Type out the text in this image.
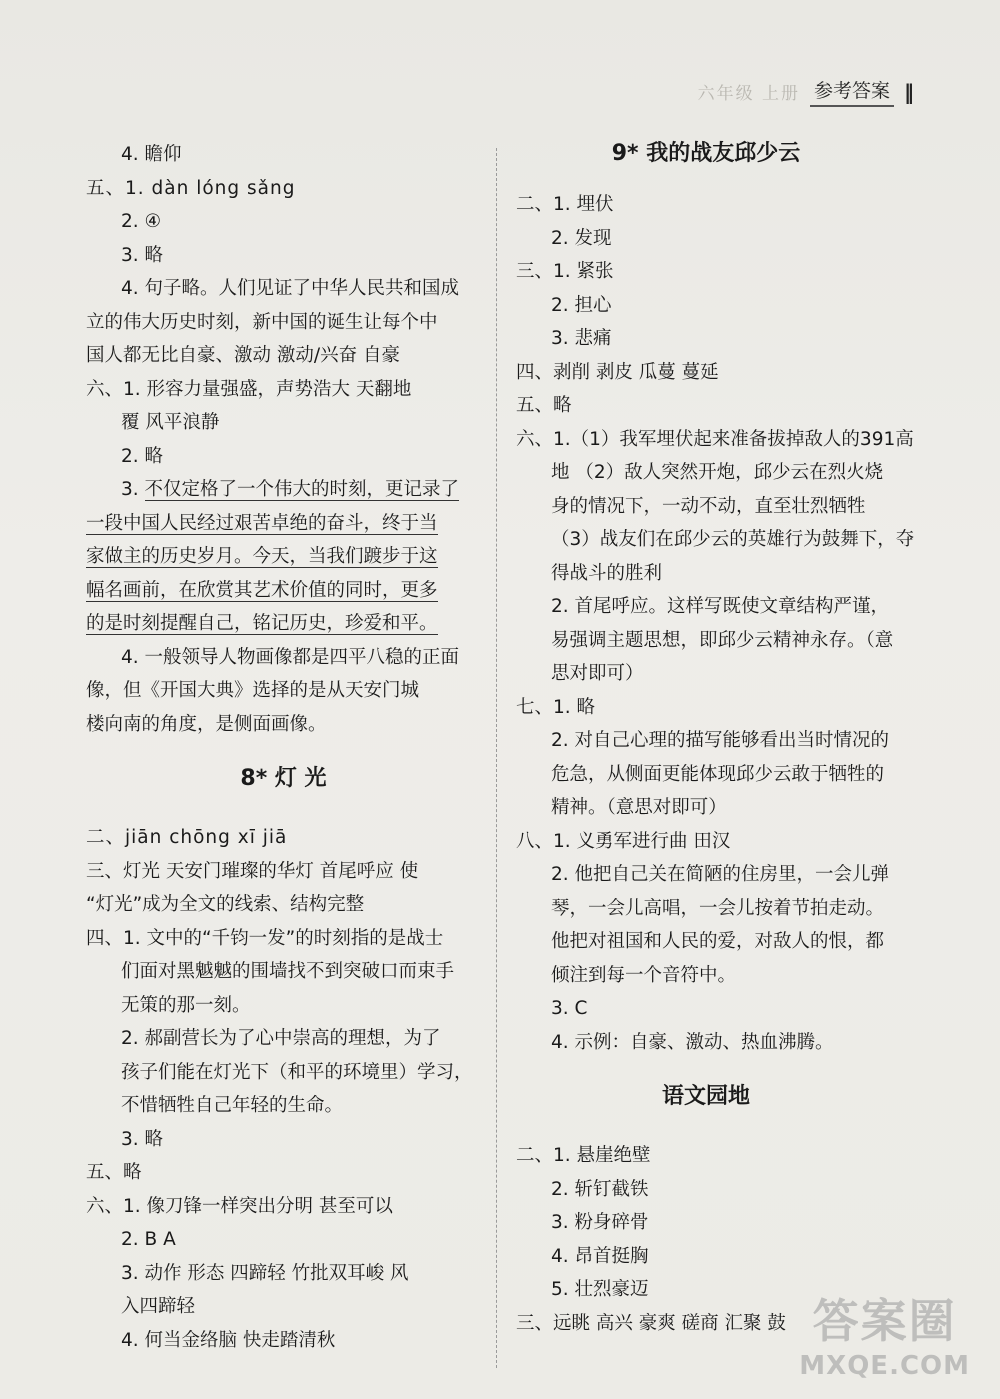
六年级 上册 参考答案 ‖
4. 瞻仰
五、1. dàn lóng sǎng
2. ④
3. 略
4. 句子略。人们见证了中华人民共和国成
立的伟大历史时刻，新中国的诞生让每个中
国人都无比自豪、激动 激动/兴奋 自豪
六、1. 形容力量强盛，声势浩大 天翻地
覆 风平浪静
2. 略
3. 不仅定格了一个伟大的时刻，更记录了
一段中国人民经过艰苦卓绝的奋斗，终于当
家做主的历史岁月。今天，当我们踱步于这
幅名画前，在欣赏其艺术价值的同时，更多
的是时刻提醒自己，铭记历史，珍爱和平。
4. 一般领导人物画像都是四平八稳的正面
像，但《开国大典》选择的是从天安门城
楼向南的角度，是侧面画像。
8* 灯 光
二、jiān chōng xī jiā
三、灯光 天安门璀璨的华灯 首尾呼应 使
“灯光”成为全文的线索、结构完整
四、1. 文中的“千钧一发”的时刻指的是战士
们面对黑魆魆的围墙找不到突破口而束手
无策的那一刻。
2. 郝副营长为了心中崇高的理想，为了
孩子们能在灯光下（和平的环境里）学习，
不惜牺牲自己年轻的生命。
3. 略
五、略
六、1. 像刀锋一样突出分明 甚至可以
2. B A
3. 动作 形态 四蹄轻 竹批双耳峻 风
入四蹄轻
4. 何当金络脑 快走踏清秋
9* 我的战友邱少云
二、1. 埋伏
2. 发现
三、1. 紧张
2. 担心
3. 悲痛
四、剥削 剥皮 瓜蔓 蔓延
五、略
六、1.（1）我军埋伏起来准备拔掉敌人的391高
地 （2）敌人突然开炮，邱少云在烈火烧
身的情况下，一动不动，直至壮烈牺牲
（3）战友们在邱少云的英雄行为鼓舞下，夺
得战斗的胜利
2. 首尾呼应。这样写既使文章结构严谨，
易强调主题思想，即邱少云精神永存。（意
思对即可）
七、1. 略
2. 对自己心理的描写能够看出当时情况的
危急，从侧面更能体现邱少云敢于牺牲的
精神。（意思对即可）
八、1. 义勇军进行曲 田汉
2. 他把自己关在简陋的住房里，一会儿弹
琴，一会儿高唱，一会儿按着节拍走动。
他把对祖国和人民的爱，对敌人的恨，都
倾注到每一个音符中。
3. C
4. 示例：自豪、激动、热血沸腾。
语文园地
二、1. 悬崖绝壁
2. 斩钉截铁
3. 粉身碎骨
4. 昂首挺胸
5. 壮烈豪迈
三、远眺 高兴 豪爽 磋商 汇聚 鼓 答案圈
MXQE.COM
